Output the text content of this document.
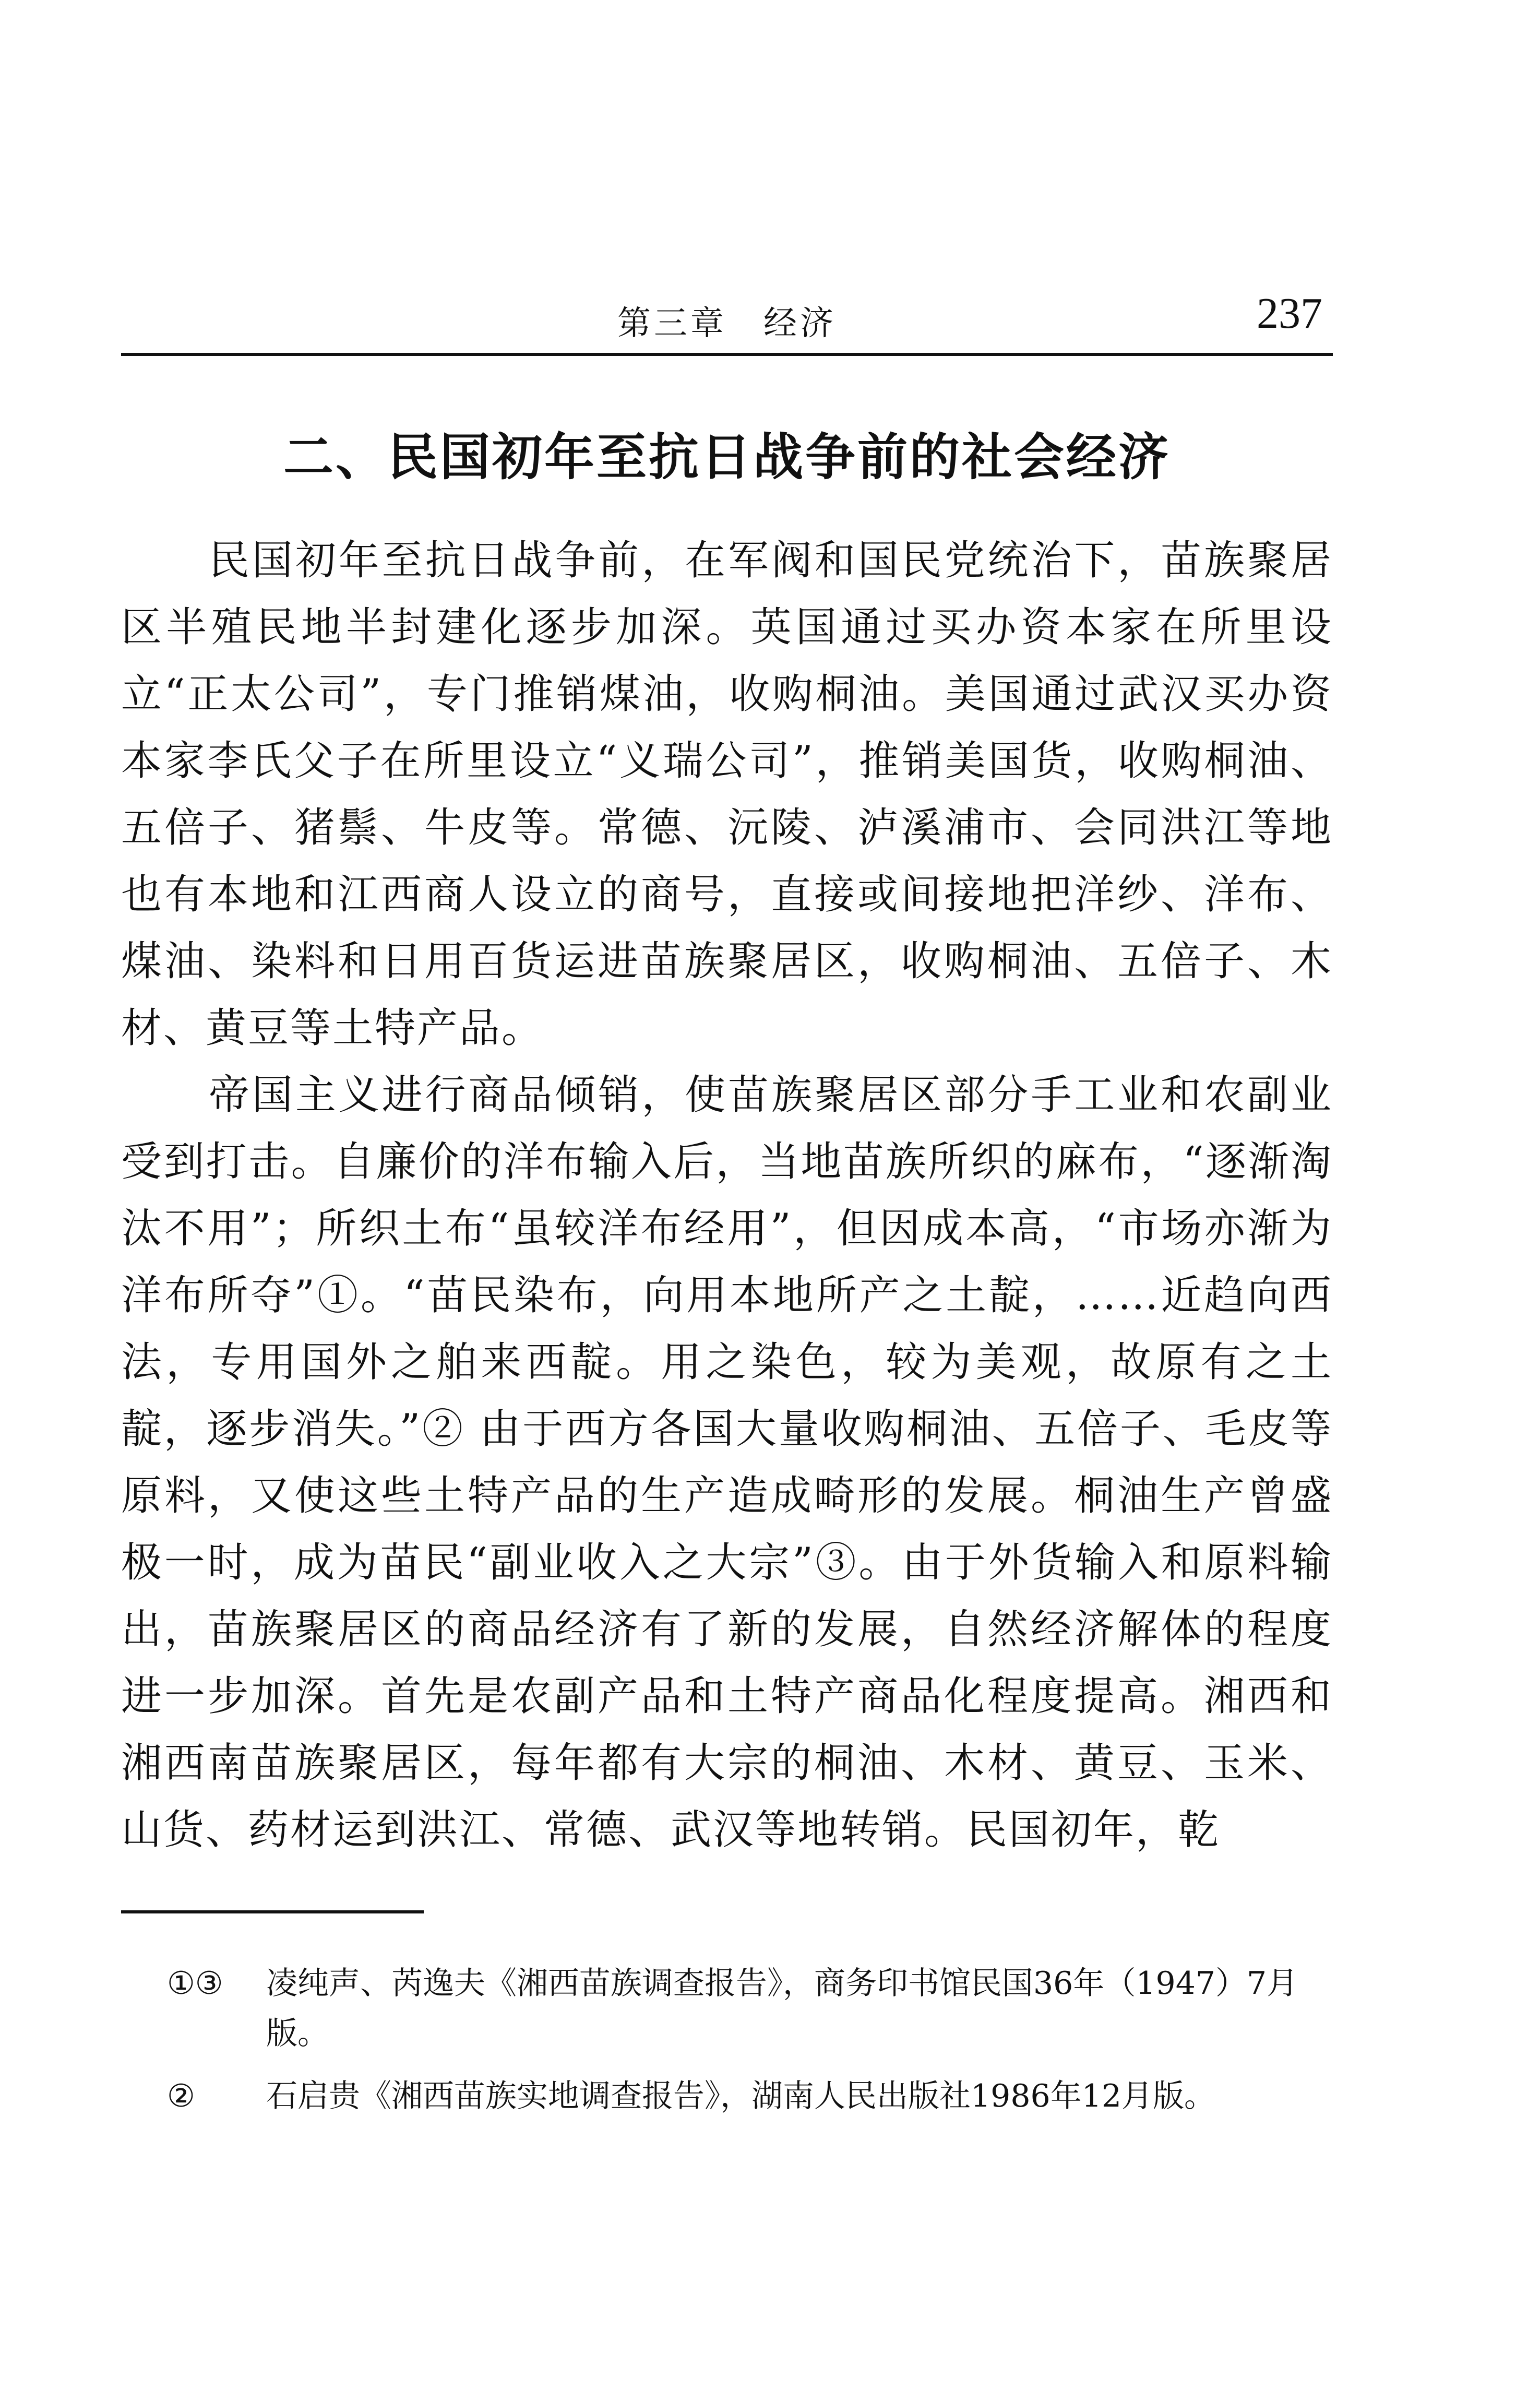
第三章 经济	237
二、民国初年至抗日战争前的社会经济

民国初年至抗日战争前，在军阀和国民党统治下，苗族聚居区半殖民地半封建化逐步加深。英国通过买办资本家在所里设立“正太公司”，专门推销煤油，收购桐油。美国通过武汉买办资本家李氏父子在所里设立“义瑞公司”，推销美国货，收购桐油、五倍子、猪鬃、牛皮等。常德、沅陵、泸溪浦市、会同洪江等地也有本地和江西商人设立的商号，直接或间接地把洋纱、洋布、煤油、染料和日用百货运进苗族聚居区，收购桐油、五倍子、木材、黄豆等土特产品。

帝国主义进行商品倾销，使苗族聚居区部分手工业和农副业受到打击。自廉价的洋布输入后，当地苗族所织的麻布，“逐渐淘汰不用”；所织土布“虽较洋布经用”，但因成本高，“市场亦渐为洋布所夺”①。“苗民染布，向用本地所产之土靛，……近趋向西法，专用国外之舶来西靛。用之染色，较为美观，故原有之土靛，逐步消失。”② 由于西方各国大量收购桐油、五倍子、毛皮等原料，又使这些土特产品的生产造成畸形的发展。桐油生产曾盛极一时，成为苗民“副业收入之大宗”③。由于外货输入和原料输出，苗族聚居区的商品经济有了新的发展，自然经济解体的程度进一步加深。首先是农副产品和土特产商品化程度提高。湘西和湘西南苗族聚居区，每年都有大宗的桐油、木材、黄豆、玉米、山货、药材运到洪江、常德、武汉等地转销。民国初年，乾

①③	凌纯声、芮逸夫《湘西苗族调查报告》，商务印书馆民国36年（1947）7月版。
②	石启贵《湘西苗族实地调查报告》，湖南人民出版社1986年12月版。
